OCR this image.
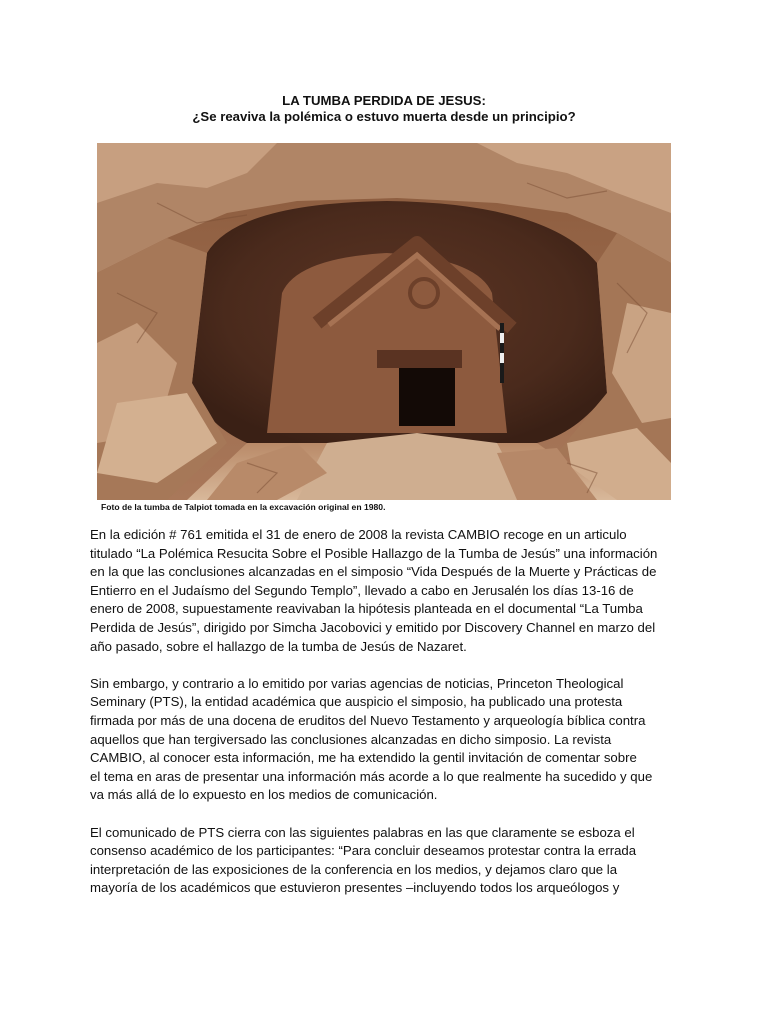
LA TUMBA PERDIDA DE JESUS:
¿Se reaviva la polémica o estuvo muerta desde un principio?
Foto de la tumba de Talpiot tomada en la excavación original en 1980.

En la edición # 761 emitida el 31 de enero de 2008 la revista CAMBIO recoge en un articulo
titulado “La Polémica Resucita Sobre el Posible Hallazgo de la Tumba de Jesús” una información
en la que las conclusiones alcanzadas en el simposio “Vida Después de la Muerte y Prácticas de
Entierro en el Judaísmo del Segundo Templo”, llevado a cabo en Jerusalén los días 13-16 de
enero de 2008, supuestamente reavivaban la hipótesis planteada en el documental “La Tumba
Perdida de Jesús”, dirigido por Simcha Jacobovici y emitido por Discovery Channel en marzo del
año pasado, sobre el hallazgo de la tumba de Jesús de Nazaret.

Sin embargo, y contrario a lo emitido por varias agencias de noticias, Princeton Theological
Seminary (PTS), la entidad académica que auspicio el simposio, ha publicado una protesta
firmada por más de una docena de eruditos del Nuevo Testamento y arqueología bíblica contra
aquellos que han tergiversado las conclusiones alcanzadas en dicho simposio. La revista
CAMBIO, al conocer esta información, me ha extendido la gentil invitación de comentar sobre
el tema en aras de presentar una información más acorde a lo que realmente ha sucedido y que
va más allá de lo expuesto en los medios de comunicación.

El comunicado de PTS cierra con las siguientes palabras en las que claramente se esboza el
consenso académico de los participantes: “Para concluir deseamos protestar contra la errada
interpretación de las exposiciones de la conferencia en los medios, y dejamos claro que la
mayoría de los académicos que estuvieron presentes –incluyendo todos los arqueólogos y
